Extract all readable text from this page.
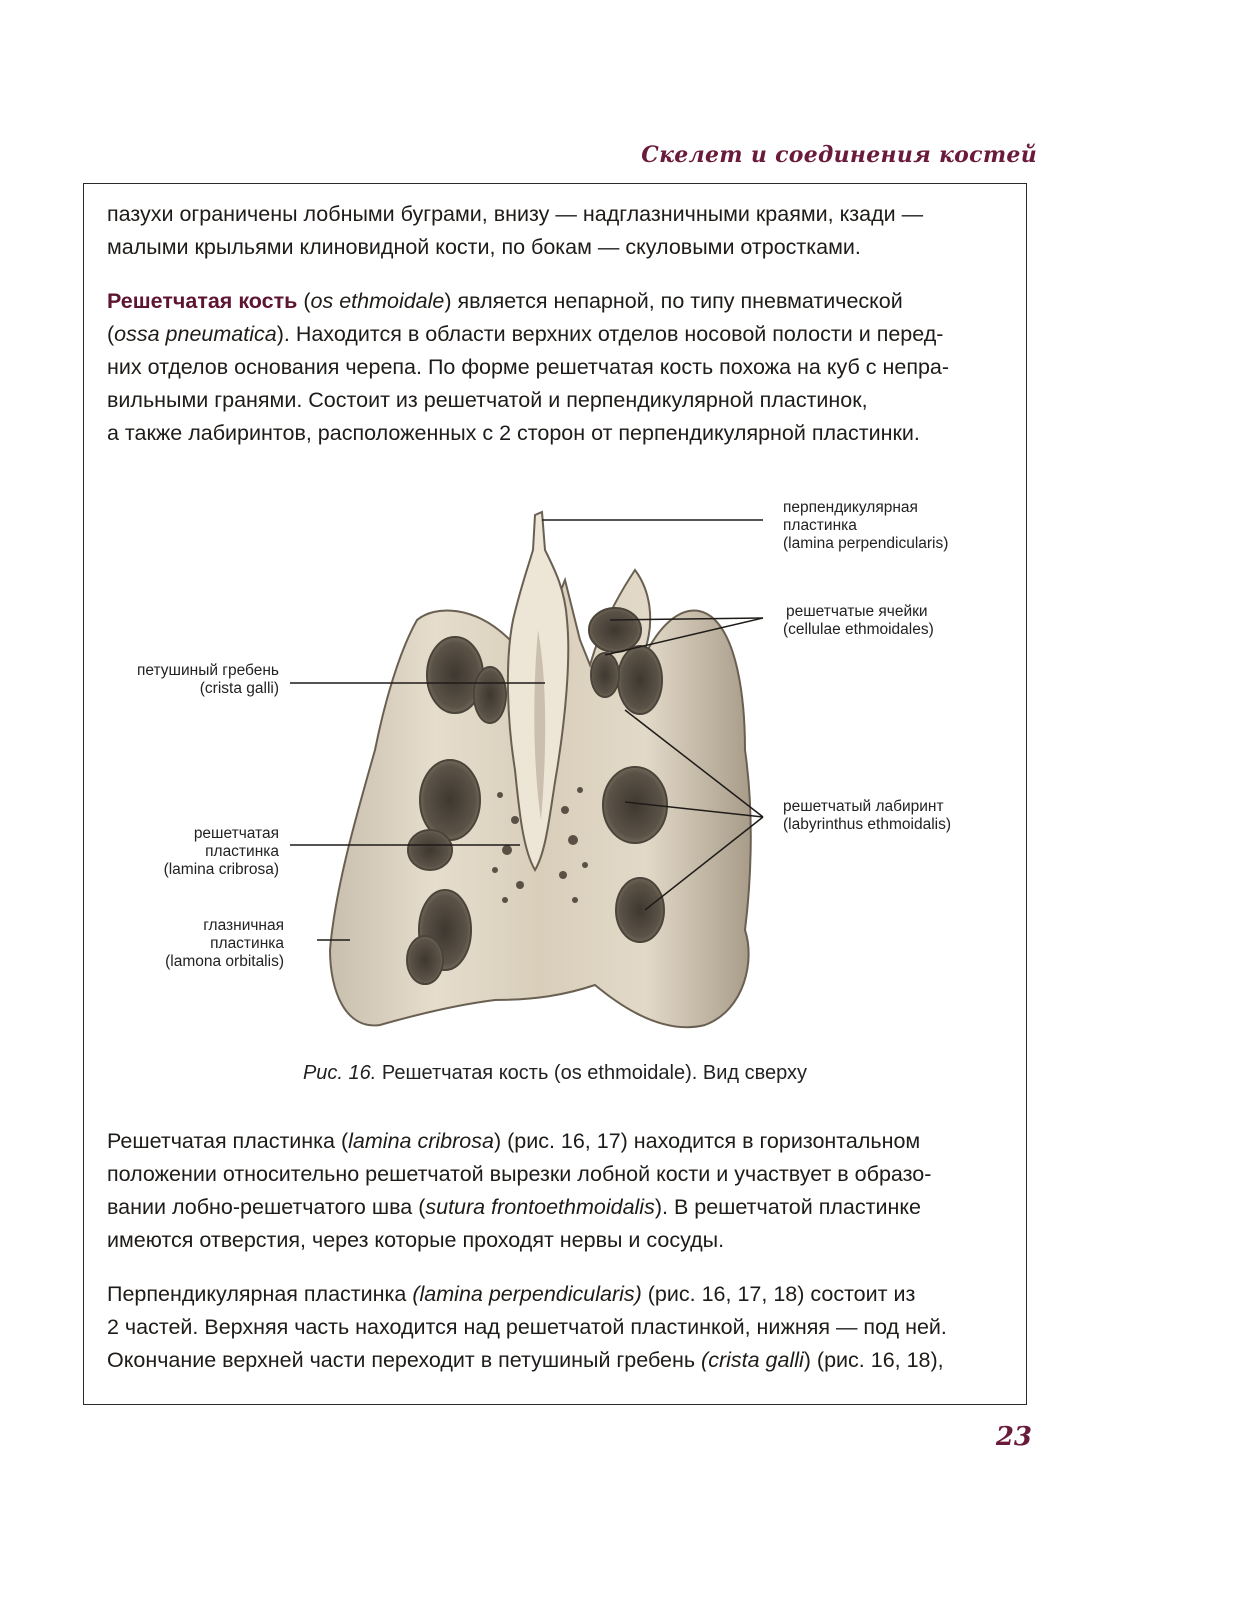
Скелет и соединения костей

пазухи ограничены лобными буграми, внизу — надглазничными краями, кзади —
малыми крыльями клиновидной кости, по бокам — скуловыми отростками.

Решетчатая кость (os ethmoidale) является непарной, по типу пневматической
(ossa pneumatica). Находится в области верхних отделов носовой полости и перед-
них отделов основания черепа. По форме решетчатая кость похожа на куб с непра-
вильными гранями. Состоит из решетчатой и перпендикулярной пластинок,
а также лабиринтов, расположенных с 2 сторон от перпендикулярной пластинки.

перпендикулярная
пластинка
(lamina perpendicularis)
решетчатые ячейки
(cellulae ethmoidales)
петушиный гребень
(crista galli)
решетчатый лабиринт
(labyrinthus ethmoidalis)
решетчатая
пластинка
(lamina cribrosa)
глазничная
пластинка
(lamona orbitalis)
Рис. 16. Решетчатая кость (os ethmoidale). Вид сверху

Решетчатая пластинка (lamina cribrosa) (рис. 16, 17) находится в горизонтальном
положении относительно решетчатой вырезки лобной кости и участвует в образо-
вании лобно-решетчатого шва (sutura frontoethmoidalis). В решетчатой пластинке
имеются отверстия, через которые проходят нервы и сосуды.

Перпендикулярная пластинка (lamina perpendicularis) (рис. 16, 17, 18) состоит из
2 частей. Верхняя часть находится над решетчатой пластинкой, нижняя — под ней.
Окончание верхней части переходит в петушиный гребень (crista galli) (рис. 16, 18),

23
